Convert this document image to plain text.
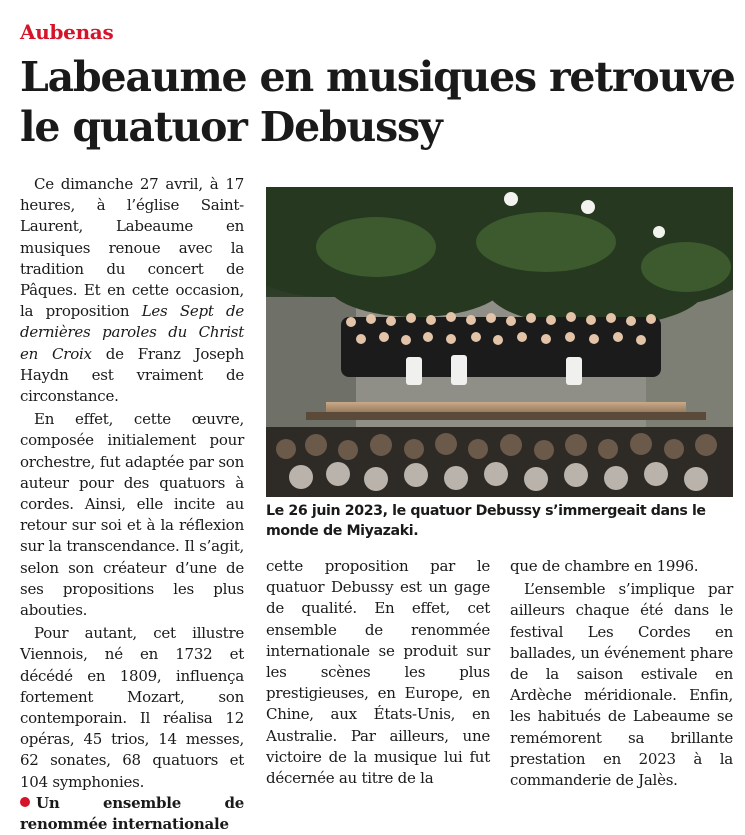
Aubenas
Labeaume en musiques retrouve le quatuor Debussy

Ce dimanche 27 avril, à 17 heures, à l’église Saint-Laurent, Labeaume en musiques renoue avec la tradition du concert de Pâques. Et en cette occasion, la proposition Les Sept de dernières paroles du Christ en Croix de Franz Joseph Haydn est vraiment de circonstance.

En effet, cette œuvre, composée initialement pour orchestre, fut adaptée par son auteur pour des quatuors à cordes. Ainsi, elle incite au retour sur soi et à la réflexion sur la transcendance. Il s’agit, selon son créateur d’une de ses propositions les plus abouties.

Pour autant, cet illustre Viennois, né en 1732 et décédé en 1809, influença fortement Mozart, son contemporain. Il réalisa 12 opéras, 45 trios, 14 messes, 62 sonates, 68 quatuors et 104 symphonies.

Un ensemble de renommée internationale

Le 26 juin 2023, le quatuor Debussy s’immergeait dans le monde de Miyazaki.

cette proposition par le quatuor Debussy est un gage de qualité. En effet, cet ensemble de renommée internationale se produit sur les scènes les plus prestigieuses, en Europe, en Chine, aux États-Unis, en Australie. Par ailleurs, une victoire de la musique lui fut décernée au titre de la

que de chambre en 1996.

L’ensemble s’implique par ailleurs chaque été dans le festival Les Cordes en ballades, un événement phare de la saison estivale en Ardèche méridionale. Enfin, les habitués de Labeaume se remémorent sa brillante prestation en 2023 à la commanderie de Jalès.
